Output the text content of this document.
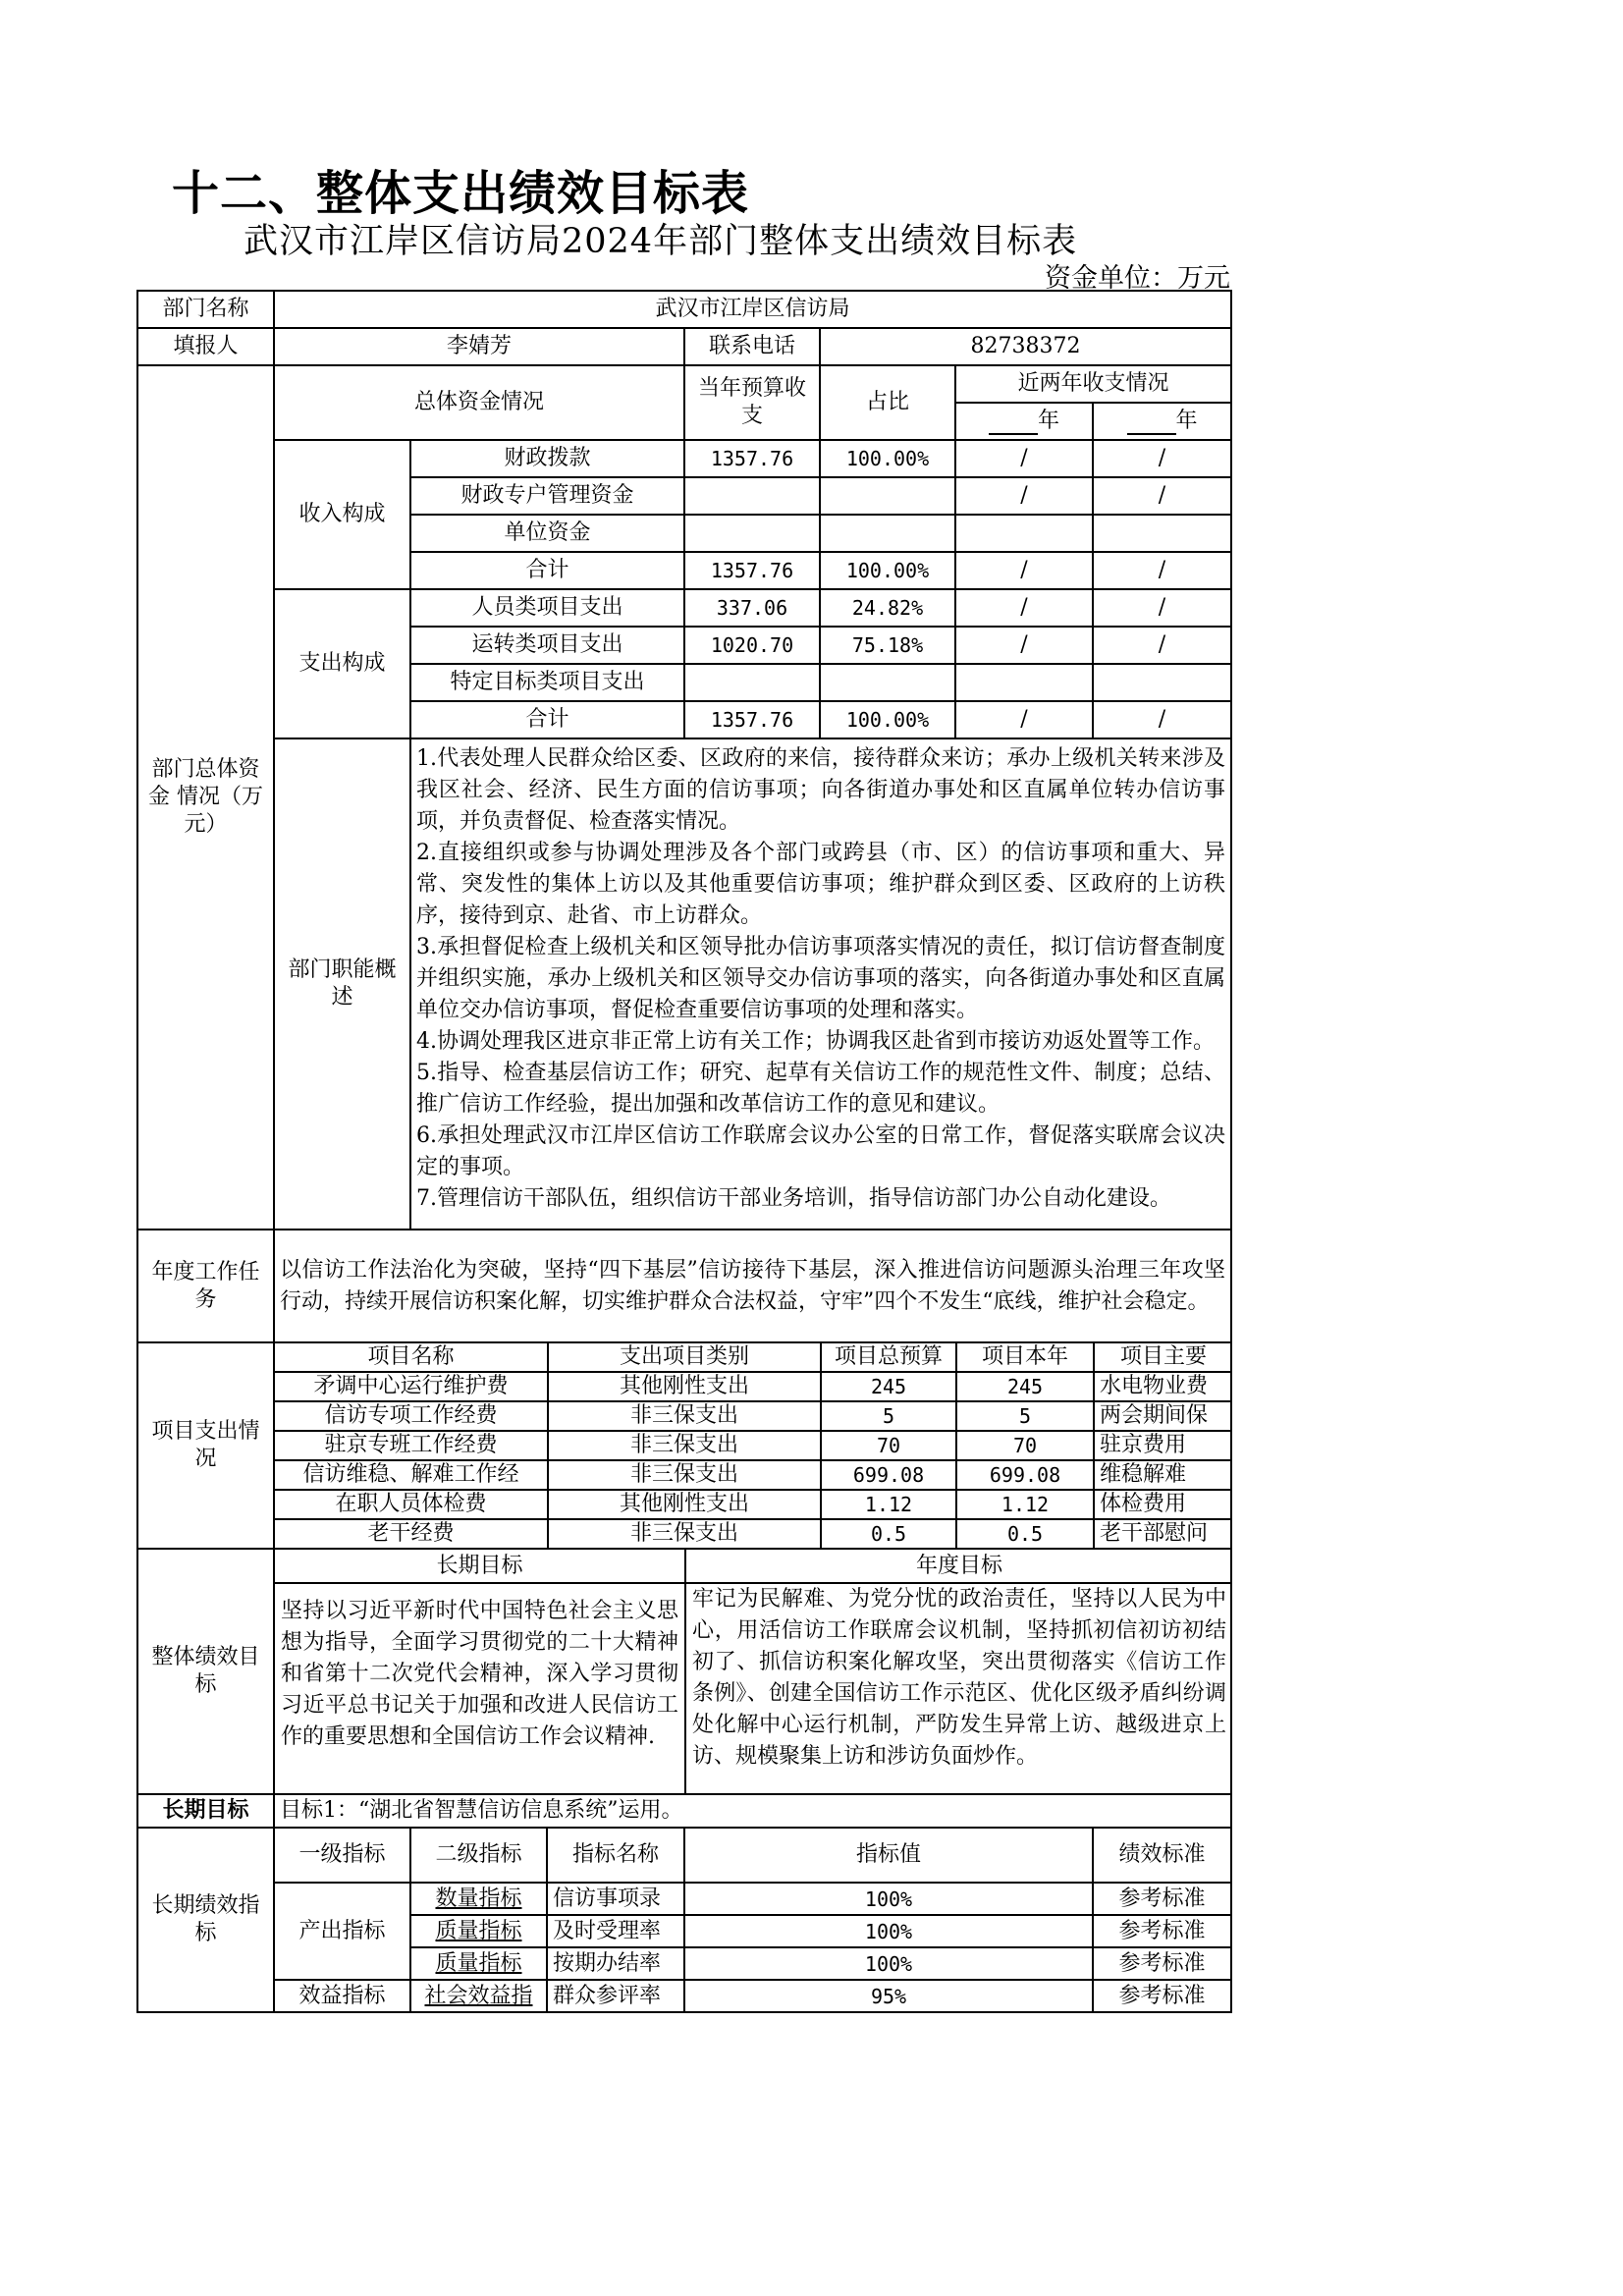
十二、整体支出绩效目标表
武汉市江岸区信访局2024年部门整体支出绩效目标表
资金单位：万元
部门名称	武汉市江岸区信访局
填报人	李婧芳	联系电话	82738372
部门总体资金 情况（万元）	总体资金情况	当年预算收支	占比	近两年收支情况
年	年
收入构成	财政拨款	1357.76	100.00%	/	/
财政专户管理资金			/	/
单位资金				
合计	1357.76	100.00%	/	/
支出构成	人员类项目支出	337.06	24.82%	/	/
运转类项目支出	1020.70	75.18%	/	/
特定目标类项目支出				
合计	1357.76	100.00%	/	/
部门职能概述	
1.代表处理人民群众给区委、区政府的来信，接待群众来访；承办上级机关转来涉及我区社会、经济、民生方面的信访事项；向各街道办事处和区直属单位转办信访事项，并负责督促、检查落实情况。
2.直接组织或参与协调处理涉及各个部门或跨县（市、区）的信访事项和重大、异常、突发性的集体上访以及其他重要信访事项；维护群众到区委、区政府的上访秩序，接待到京、赴省、市上访群众。
3.承担督促检查上级机关和区领导批办信访事项落实情况的责任，拟订信访督查制度并组织实施，承办上级机关和区领导交办信访事项的落实，向各街道办事处和区直属单位交办信访事项，督促检查重要信访事项的处理和落实。
4.协调处理我区进京非正常上访有关工作；协调我区赴省到市接访劝返处置等工作。
5.指导、检查基层信访工作；研究、起草有关信访工作的规范性文件、制度；总结、推广信访工作经验，提出加强和改革信访工作的意见和建议。
6.承担处理武汉市江岸区信访工作联席会议办公室的日常工作，督促落实联席会议决定的事项。
7.管理信访干部队伍，组织信访干部业务培训，指导信访部门办公自动化建设。

年度工作任务	
以信访工作法治化为突破，坚持“四下基层”信访接待下基层，深入推进信访问题源头治理三年攻坚行动，持续开展信访积案化解，切实维护群众合法权益，守牢”四个不发生“底线，维护社会稳定。

项目支出情况	
项目名称	支出项目类别	项目总预算	项目本年	项目主要
矛调中心运行维护费	其他刚性支出	245	245	水电物业费
信访专项工作经费	非三保支出	5	5	两会期间保
驻京专班工作经费	非三保支出	70	70	驻京费用
信访维稳、解难工作经	非三保支出	699.08	699.08	维稳解难
在职人员体检费	其他刚性支出	1.12	1.12	体检费用
老干经费	非三保支出	0.5	0.5	老干部慰问

整体绩效目标	
长期目标	年度目标

坚持以习近平新时代中国特色社会主义思想为指导，全面学习贯彻党的二十大精神和省第十二次党代会精神，深入学习贯彻习近平总书记关于加强和改进人民信访工作的重要思想和全国信访工作会议精神.

牢记为民解难、为党分忧的政治责任，坚持以人民为中心，用活信访工作联席会议机制，坚持抓初信初访初结初了、抓信访积案化解攻坚，突出贯彻落实《信访工作条例》、创建全国信访工作示范区、优化区级矛盾纠纷调处化解中心运行机制，严防发生异常上访、越级进京上访、规模聚集上访和涉访负面炒作。

长期目标	目标1：“湖北省智慧信访信息系统”运用。
长期绩效指标	一级指标	二级指标	指标名称	指标值	绩效标准
产出指标	数量指标	信访事项录	100%	参考标准
质量指标	及时受理率	100%	参考标准
质量指标	按期办结率	100%	参考标准
效益指标	社会效益指	群众参评率	95%	参考标准
